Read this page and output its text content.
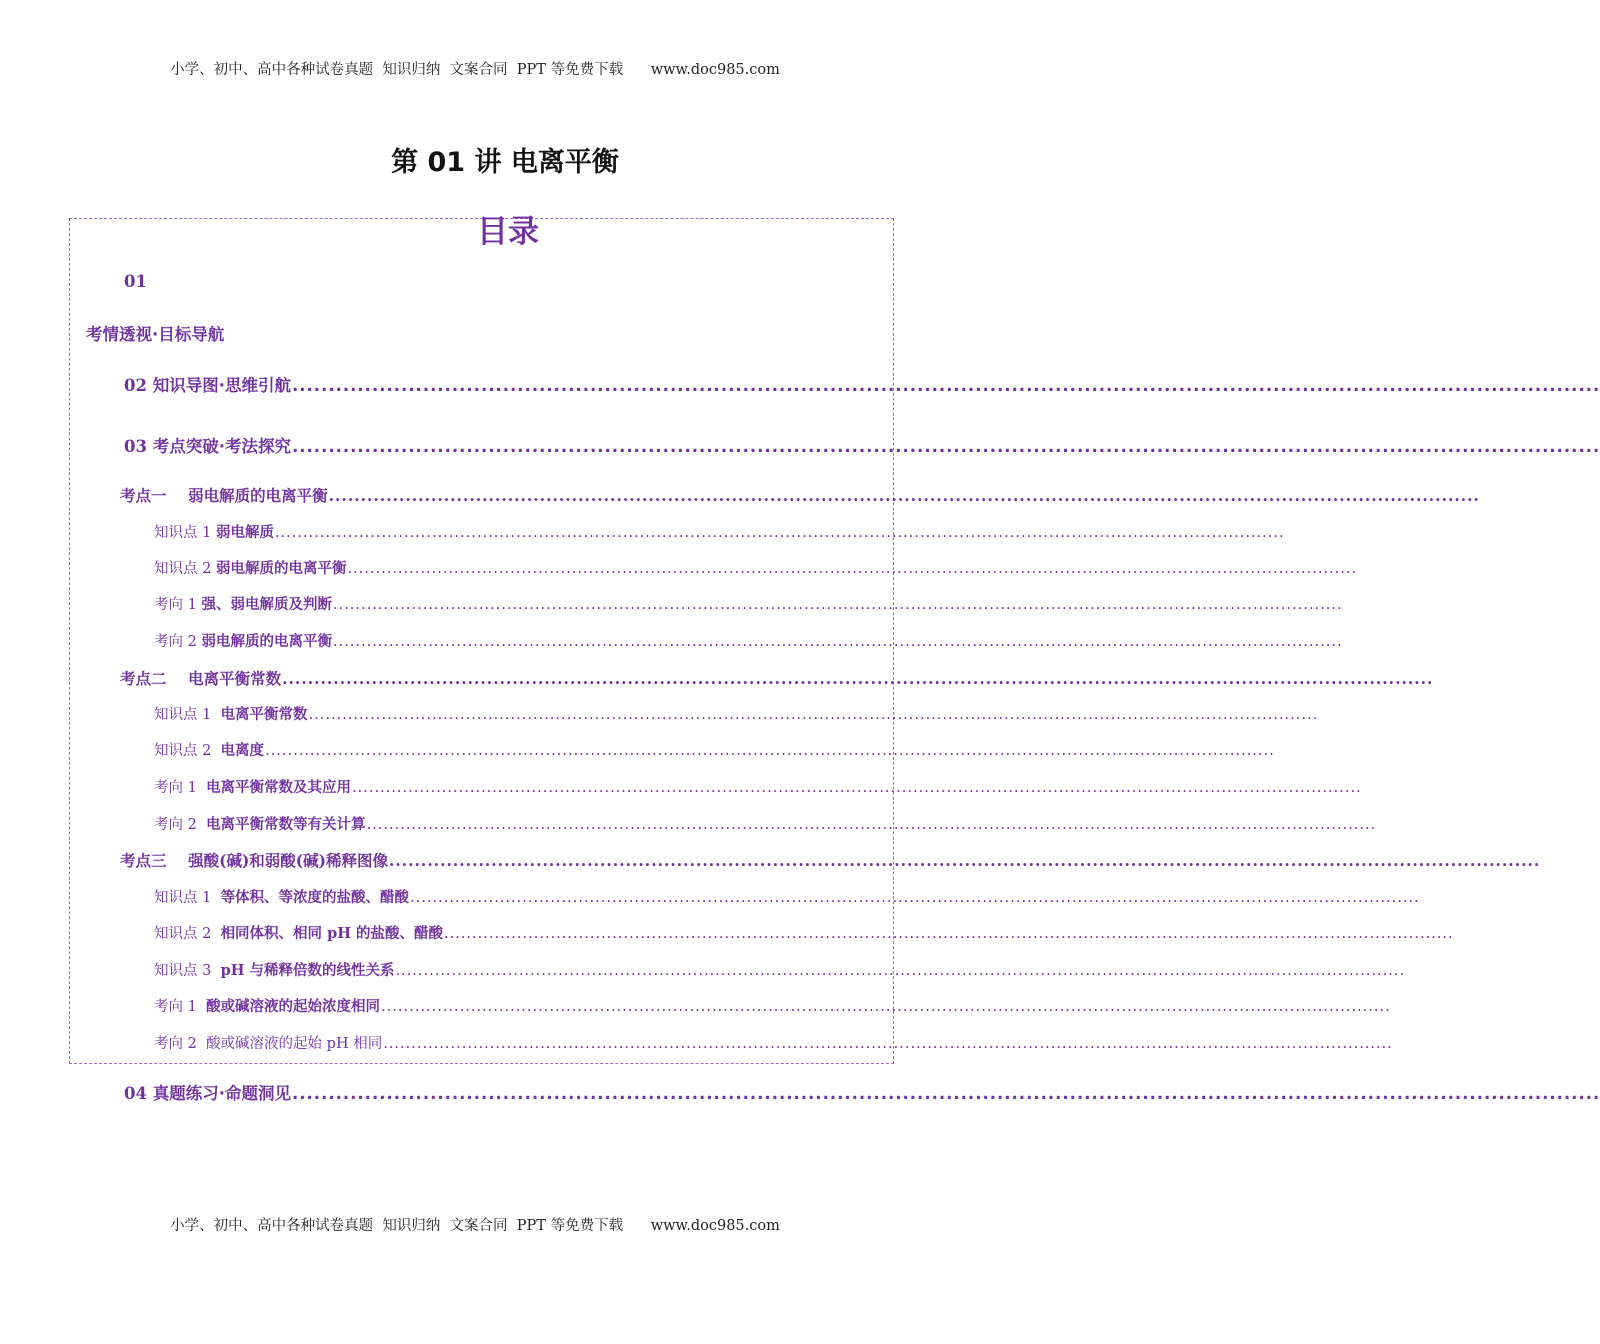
小学、初中、高中各种试卷真题  知识归纳  文案合同  PPT 等免费下载      www.doc985.com
第 01 讲 电离平衡
目录
01
考情透视·目标导航
02 知识导图·思维引航 ....................................................................................................................................................................................
03 考点突破·考法探究 ....................................................................................................................................................................................
考点一 弱电解质的电离平衡 ....................................................................................................................................................................................
知识点 1 弱电解质 ....................................................................................................................................................................................
知识点 2 弱电解质的电离平衡 ....................................................................................................................................................................................
考向 1 强、弱电解质及判断 ....................................................................................................................................................................................
考向 2 弱电解质的电离平衡 ....................................................................................................................................................................................
考点二 电离平衡常数 ....................................................................................................................................................................................
知识点 1 电离平衡常数 ....................................................................................................................................................................................
知识点 2 电离度 ....................................................................................................................................................................................
考向 1 电离平衡常数及其应用 ....................................................................................................................................................................................
考向 2 电离平衡常数等有关计算 ....................................................................................................................................................................................
考点三 强酸(碱)和弱酸(碱)稀释图像 ....................................................................................................................................................................................
知识点 1 等体积、等浓度的盐酸、醋酸 ....................................................................................................................................................................................
知识点 2 相同体积、相同 pH 的盐酸、醋酸 ....................................................................................................................................................................................
知识点 3 pH 与稀释倍数的线性关系 ....................................................................................................................................................................................
考向 1 酸或碱溶液的起始浓度相同 ....................................................................................................................................................................................
考向 2 酸或碱溶液的起始 pH 相同 ....................................................................................................................................................................................
04 真题练习·命题洞见 ....................................................................................................................................................................................
小学、初中、高中各种试卷真题  知识归纳  文案合同  PPT 等免费下载      www.doc985.com
